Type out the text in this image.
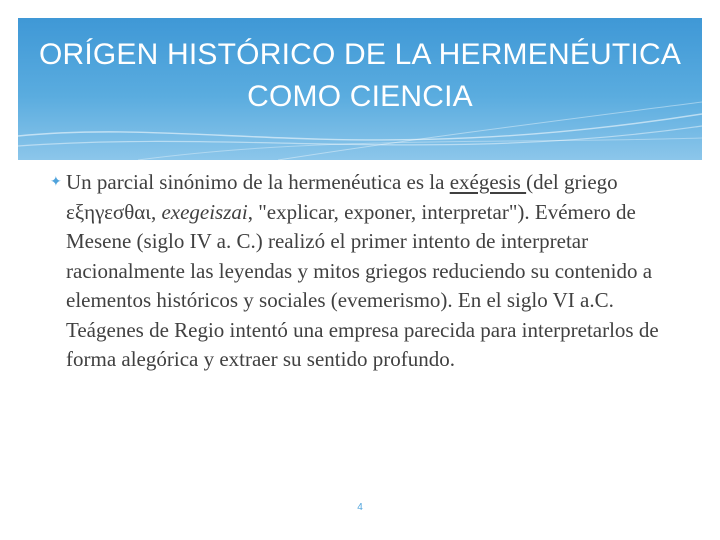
ORÍGEN HISTÓRICO DE LA HERMENÉUTICA
COMO CIENCIA
✦ Un parcial sinónimo de la hermenéutica es la exégesis (del griego εξηγεσθαι, exegeiszai, "explicar, exponer, interpretar"). Evémero de Mesene (siglo IV a. C.) realizó el primer intento de interpretar racionalmente las leyendas y mitos griegos reduciendo su contenido a elementos históricos y sociales (evemerismo). En el siglo VI a.C. Teágenes de Regio intentó una empresa parecida para interpretarlos de forma alegórica y extraer su sentido profundo.
4
